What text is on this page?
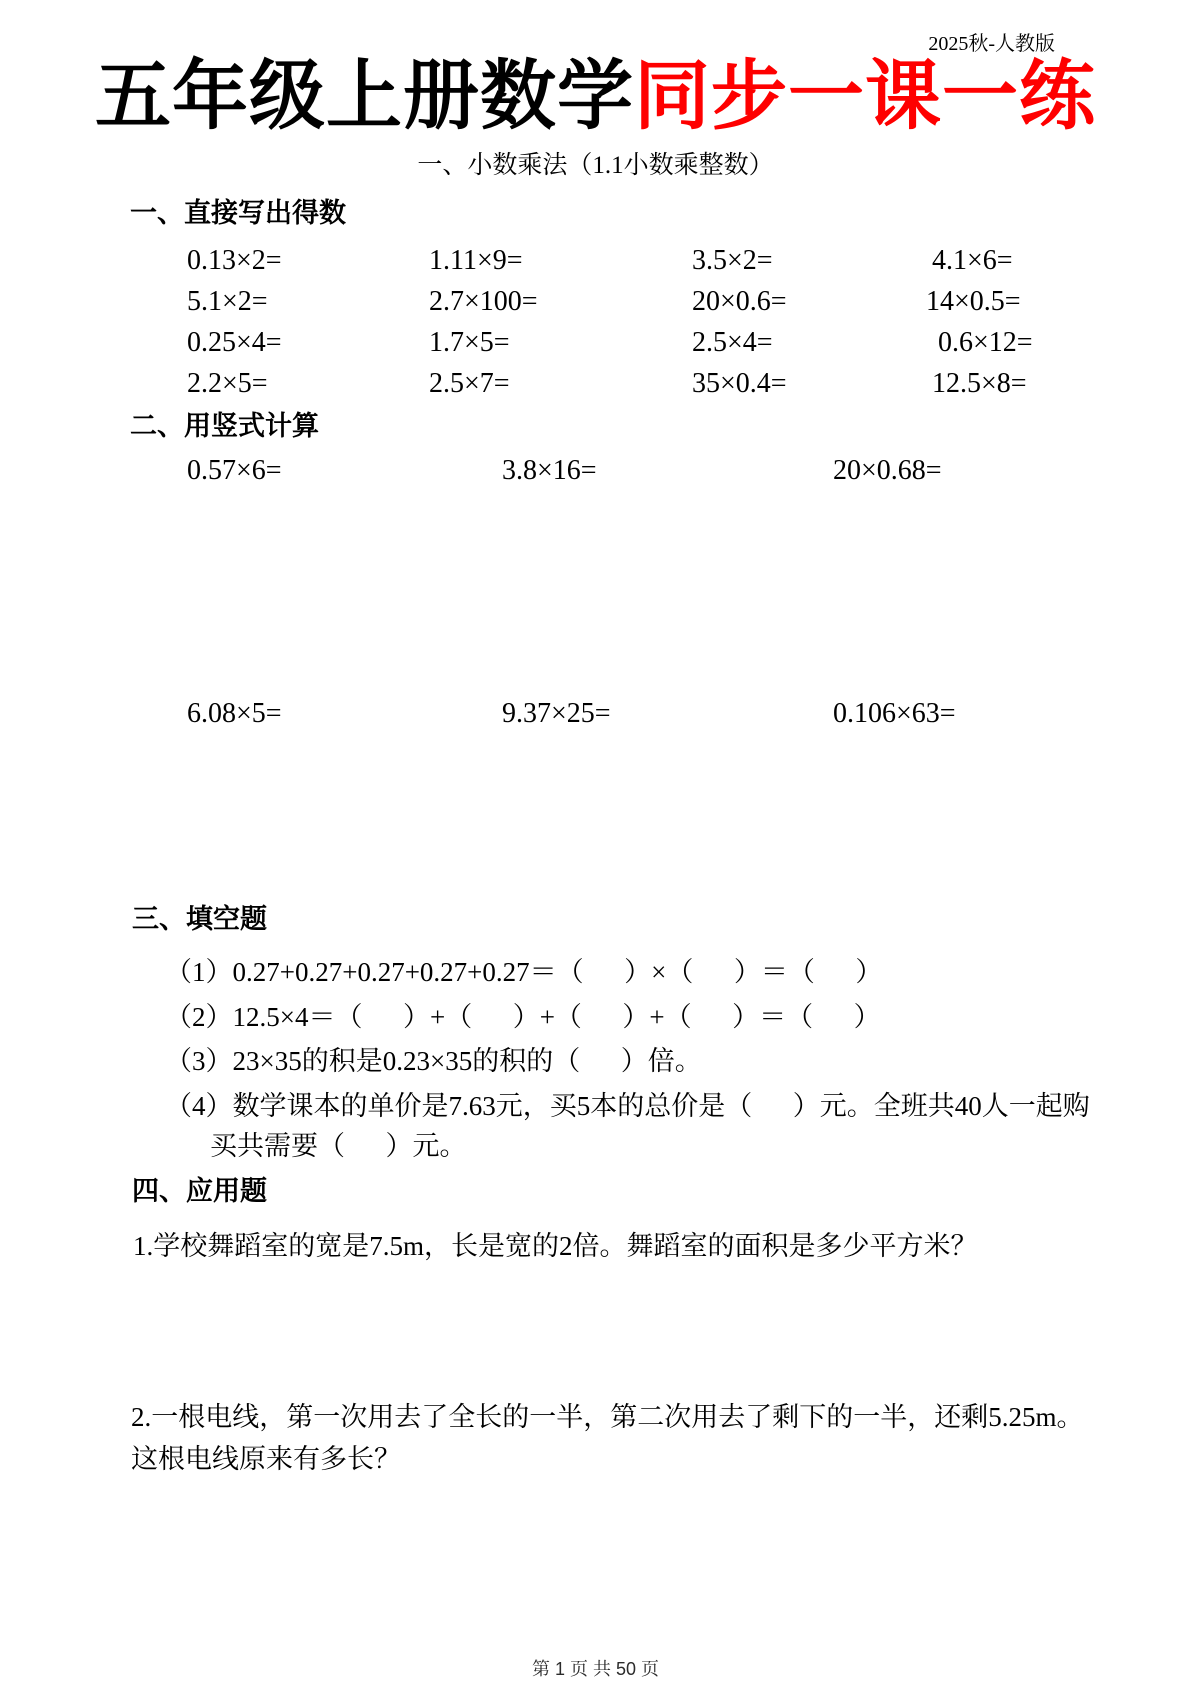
2025秋-人教版
五年级上册数学同步一课一练
一、小数乘法（1.1小数乘整数）
一、直接写出得数
0.13×2=	1.11×9=	3.5×2=	4.1×6=
5.1×2=	2.7×100=	20×0.6=	14×0.5=
0.25×4=	1.7×5=	2.5×4=	0.6×12=
2.2×5=	2.5×7=	35×0.4=	12.5×8=
二、用竖式计算
0.57×6=	3.8×16=	20×0.68=
6.08×5=	9.37×25=	0.106×63=
三、填空题
（1）0.27+0.27+0.27+0.27+0.27＝（      ）×（      ）＝（      ）
（2）12.5×4＝（      ）+（      ）+（      ）+（      ）＝（      ）
（3）23×35的积是0.23×35的积的（      ）倍。
（4）数学课本的单价是7.63元，买5本的总价是（      ）元。全班共40人一起购
买共需要（      ）元。
四、应用题
1.学校舞蹈室的宽是7.5m，长是宽的2倍。舞蹈室的面积是多少平方米？
2.一根电线，第一次用去了全长的一半，第二次用去了剩下的一半，还剩5.25m。
这根电线原来有多长？
第 1 页 共 50 页
